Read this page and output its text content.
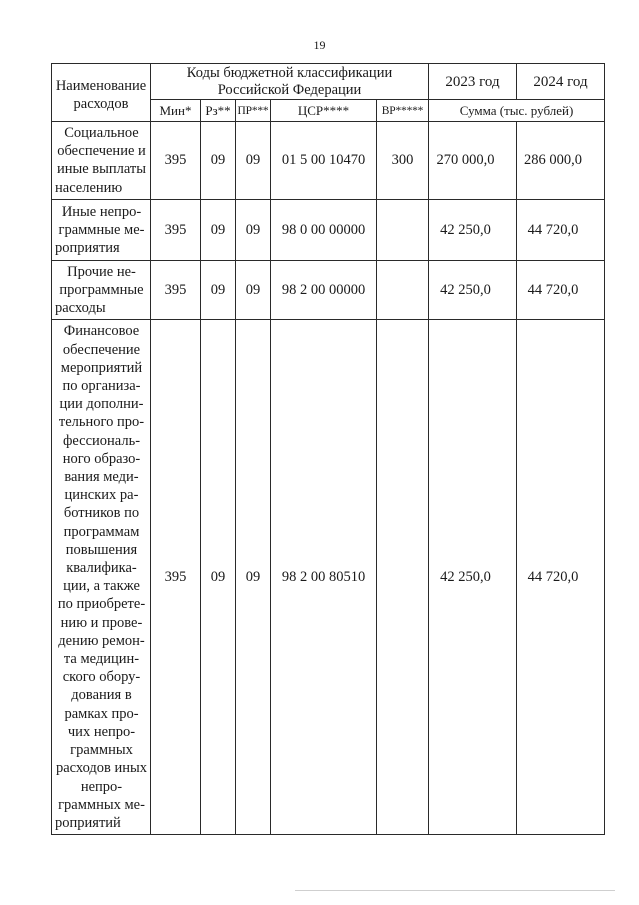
19
Наименование расходов	Коды бюджетной классификации Российской Федерации					2023 год	2024 год
	Мин*	Рз**	ПР***	ЦСР****	ВР*****	Сумма (тыс. рублей)	
Социальное обеспечение и иные выплаты населению	395	09	09	01 5 00 10470	300	270 000,0	286 000,0
Иные непро-граммные ме-роприятия	395	09	09	98 0 00 00000		42 250,0	44 720,0
Прочие не-программные расходы	395	09	09	98 2 00 00000		42 250,0	44 720,0
Финансовое обеспечение мероприятий по организа-ции дополни-тельного про-фессиональ-ного образо-вания меди-цинских ра-ботников по программам повышения квалифика-ции, а также по приобрете-нию и прове-дению ремон-та медицин-ского обору-дования в рамках про-чих непро-граммных расходов иных непро-граммных ме-роприятий	395	09	09	98 2 00 80510		42 250,0	44 720,0
